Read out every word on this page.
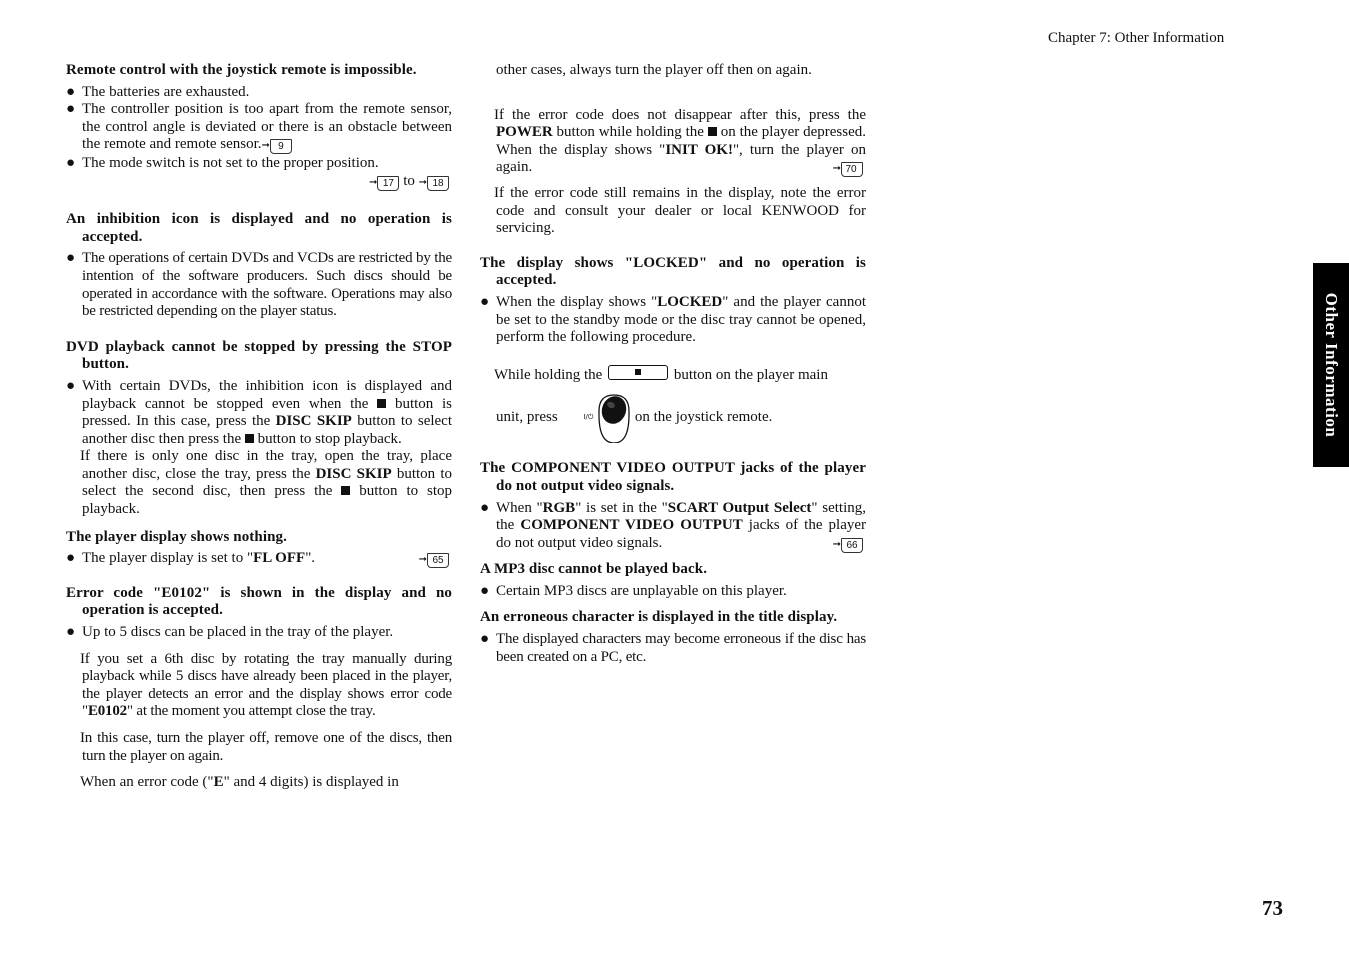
Chapter 7: Other Information
Other Information
73

Remote control with the joystick remote is impossible.

● The batteries are exhausted.

● The controller position is too apart from the remote sensor, the control angle is deviated or there is an obstacle between the remote and remote sensor.➞ 9

● The mode switch is not set to the proper position.

➞ 17 to ➞ 18

An inhibition icon is displayed and no operation is accepted.

● The operations of certain DVDs and VCDs are restricted by the intention of the software producers. Such discs should be operated in accordance with the software. Operations may also be restricted depending on the player status.

DVD playback cannot be stopped by pressing the STOP button.

● With certain DVDs, the inhibition icon is displayed and playback cannot be stopped even when the button is pressed. In this case, press the DISC SKIP button to select another disc then press the button to stop playback.

If there is only one disc in the tray, open the tray, place another disc, close the tray, press the DISC SKIP button to select the second disc, then press the button to stop playback.

The player display shows nothing.

● The player display is set to "FL OFF".	➞ 65

Error code "E0102" is shown in the display and no operation is accepted.

● Up to 5 discs can be placed in the tray of the player.

If you set a 6th disc by rotating the tray manually during playback while 5 discs have already been placed in the player, the player detects an error and the display shows error code "E0102" at the moment you attempt close the tray.

In this case, turn the player off, remove one of the discs, then turn the player on again.

When an error code ("E" and 4 digits) is displayed in

other cases, always turn the player off then on again.

If the error code does not disappear after this, press the POWER button while holding the on the player depressed. When the display shows "INIT OK!", turn the player on again.	➞ 70

If the error code still remains in the display, note the error code and consult your dealer or local KENWOOD for servicing.

The display shows "LOCKED" and no operation is accepted.

● When the display shows "LOCKED" and the player cannot be set to the standby mode or the disc tray cannot be opened, perform the following procedure.

While holding the	button on the player main

unit, press	I/⏻	on the joystick remote.

The COMPONENT VIDEO OUTPUT jacks of the player do not output video signals.

● When "RGB" is set in the "SCART Output Select" setting, the COMPONENT VIDEO OUTPUT jacks of the player do not output video signals.	➞ 66

A MP3 disc cannot be played back.

● Certain MP3 discs are unplayable on this player.

An erroneous character is displayed in the title display.

● The displayed characters may become erroneous if the disc has been created on a PC, etc.
